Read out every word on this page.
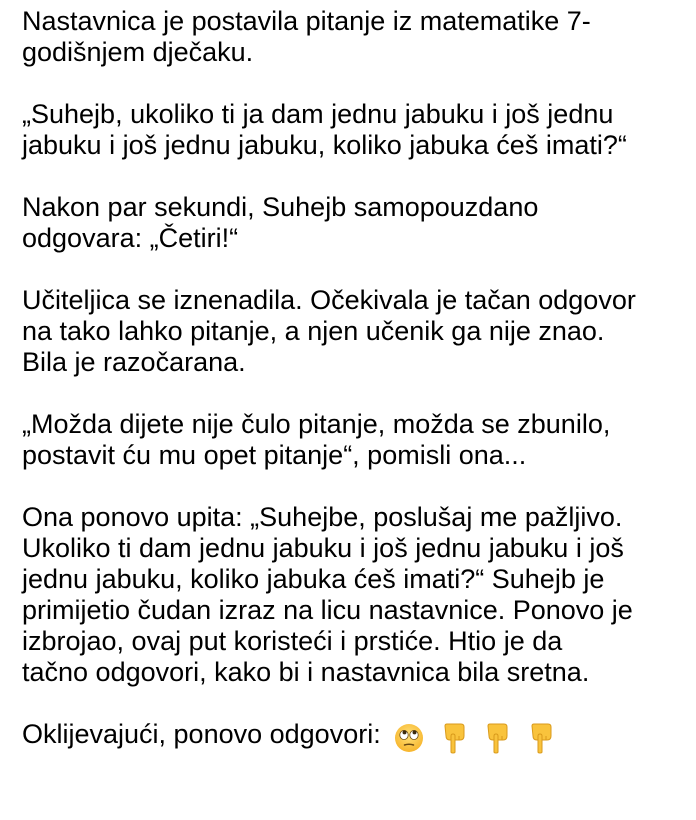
Nastavnica je postavila pitanje iz matematike 7-
godišnjem dječaku.

„Suhejb, ukoliko ti ja dam jednu jabuku i još jednu
jabuku i još jednu jabuku, koliko jabuka ćeš imati?“

Nakon par sekundi, Suhejb samopouzdano
odgovara: „Četiri!“

Učiteljica se iznenadila. Očekivala je tačan odgovor
na tako lahko pitanje, a njen učenik ga nije znao.
Bila je razočarana.

„Možda dijete nije čulo pitanje, možda se zbunilo,
postavit ću mu opet pitanje“, pomisli ona...

Ona ponovo upita: „Suhejbe, poslušaj me pažljivo.
Ukoliko ti dam jednu jabuku i još jednu jabuku i još
jednu jabuku, koliko jabuka ćeš imati?“ Suhejb je
primijetio čudan izraz na licu nastavnice. Ponovo je
izbrojao, ovaj put koristeći i prstiće. Htio je da
tačno odgovori, kako bi i nastavnica bila sretna.

Oklijevajući, ponovo odgovori:
